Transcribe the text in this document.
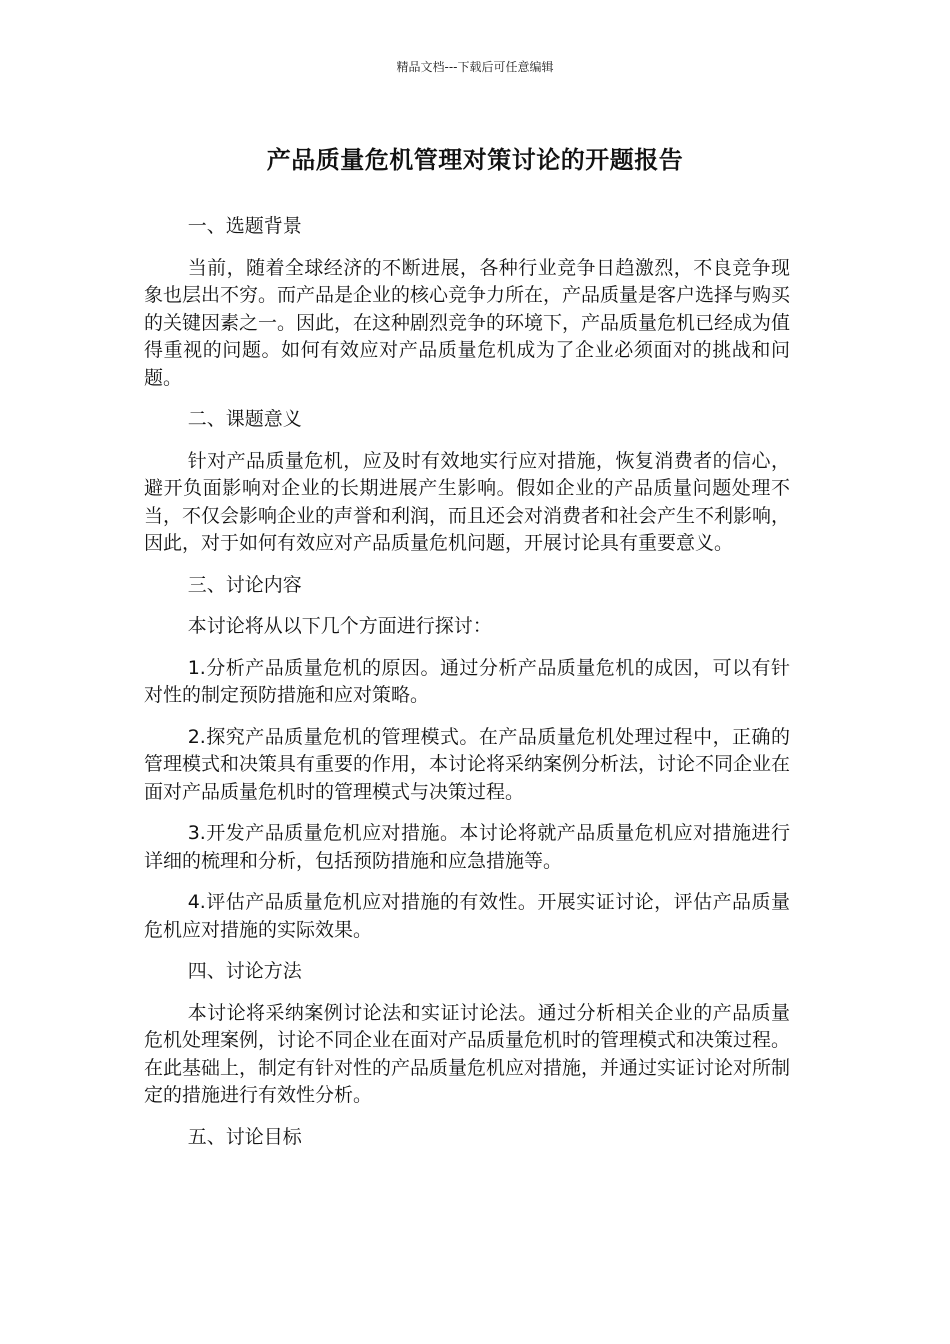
精品文档---下载后可任意编辑
产品质量危机管理对策讨论的开题报告
一、选题背景
当前，随着全球经济的不断进展，各种行业竞争日趋激烈，不良竞争现象也层出不穷。而产品是企业的核心竞争力所在，产品质量是客户选择与购买的关键因素之一。因此，在这种剧烈竞争的环境下，产品质量危机已经成为值得重视的问题。如何有效应对产品质量危机成为了企业必须面对的挑战和问题。
二、课题意义
针对产品质量危机，应及时有效地实行应对措施，恢复消费者的信心，避开负面影响对企业的长期进展产生影响。假如企业的产品质量问题处理不当，不仅会影响企业的声誉和利润，而且还会对消费者和社会产生不利影响，因此，对于如何有效应对产品质量危机问题，开展讨论具有重要意义。
三、讨论内容
本讨论将从以下几个方面进行探讨：
1.分析产品质量危机的原因。通过分析产品质量危机的成因，可以有针对性的制定预防措施和应对策略。
2.探究产品质量危机的管理模式。在产品质量危机处理过程中，正确的管理模式和决策具有重要的作用，本讨论将采纳案例分析法，讨论不同企业在面对产品质量危机时的管理模式与决策过程。
3.开发产品质量危机应对措施。本讨论将就产品质量危机应对措施进行详细的梳理和分析，包括预防措施和应急措施等。
4.评估产品质量危机应对措施的有效性。开展实证讨论，评估产品质量危机应对措施的实际效果。
四、讨论方法
本讨论将采纳案例讨论法和实证讨论法。通过分析相关企业的产品质量危机处理案例，讨论不同企业在面对产品质量危机时的管理模式和决策过程。在此基础上，制定有针对性的产品质量危机应对措施，并通过实证讨论对所制定的措施进行有效性分析。
五、讨论目标
